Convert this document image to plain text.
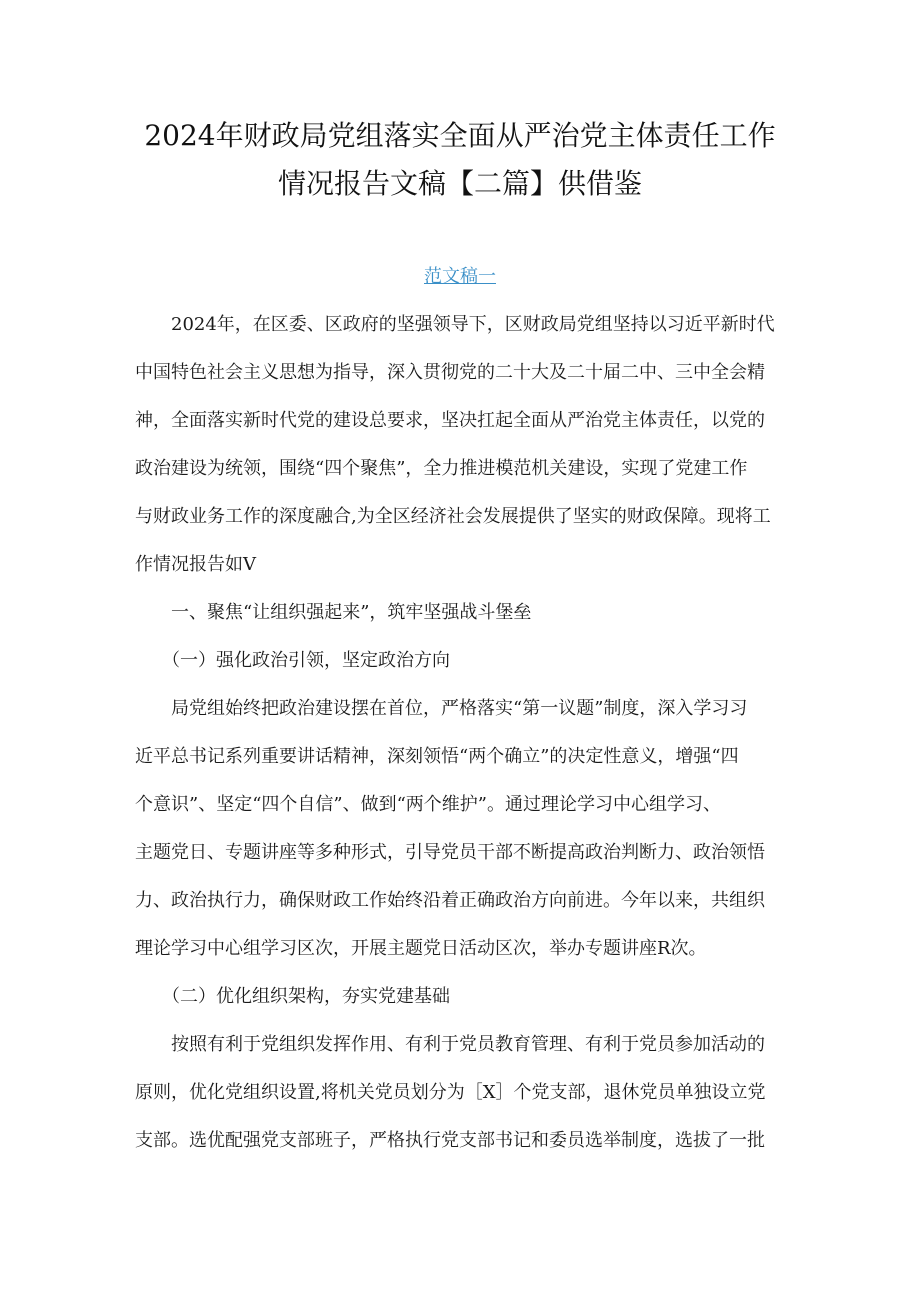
2024年财政局党组落实全面从严治党主体责任工作
情况报告文稿【二篇】供借鉴
范文稿一

　　2024年，在区委、区政府的坚强领导下，区财政局党组坚持以习近平新时代

中国特色社会主义思想为指导，深入贯彻党的二十大及二十届二中、三中全会精

神，全面落实新时代党的建设总要求，坚决扛起全面从严治党主体责任，以党的

政治建设为统领，围绕“四个聚焦”，全力推进模范机关建设，实现了党建工作

与财政业务工作的深度融合,为全区经济社会发展提供了坚实的财政保障。现将工

作情况报告如V

　　一、聚焦“让组织强起来”，筑牢坚强战斗堡垒

　　（一）强化政治引领，坚定政治方向

　　局党组始终把政治建设摆在首位，严格落实“第一议题”制度，深入学习习

近平总书记系列重要讲话精神，深刻领悟“两个确立”的决定性意义，增强“四

个意识”、坚定“四个自信”、做到“两个维护”。通过理论学习中心组学习、

主题党日、专题讲座等多种形式，引导党员干部不断提高政治判断力、政治领悟

力、政治执行力，确保财政工作始终沿着正确政治方向前进。今年以来，共组织

理论学习中心组学习区次，开展主题党日活动区次，举办专题讲座R次。

　　（二）优化组织架构，夯实党建基础

　　按照有利于党组织发挥作用、有利于党员教育管理、有利于党员参加活动的

原则，优化党组织设置,将机关党员划分为［X］个党支部，退休党员单独设立党

支部。选优配强党支部班子，严格执行党支部书记和委员选举制度，选拔了一批
